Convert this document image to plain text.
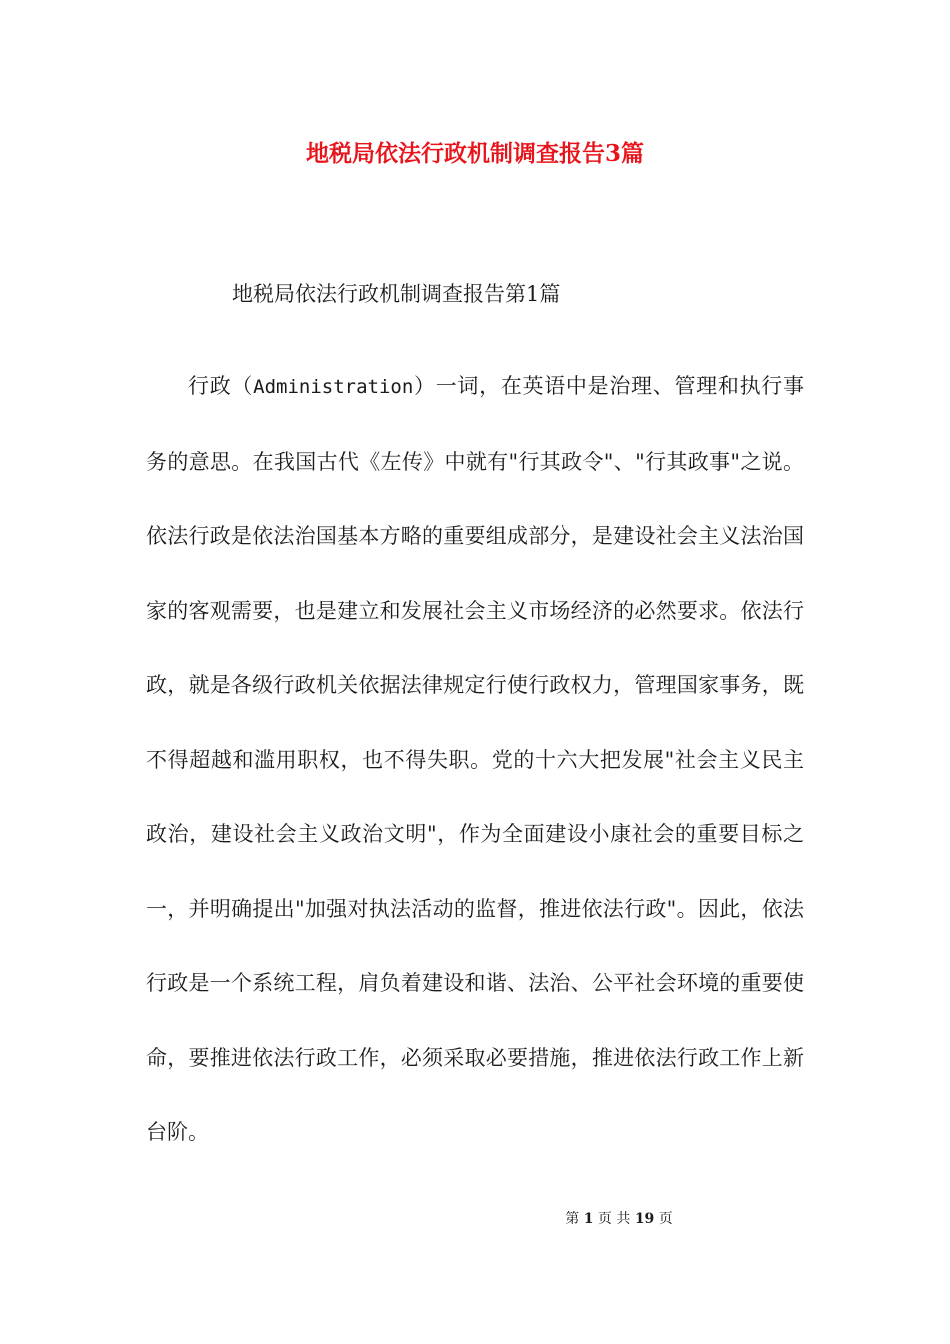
地税局依法行政机制调查报告3篇
地税局依法行政机制调查报告第1篇

行政（Administration）一词，在英语中是治理、管理和执行事务的意思。在我国古代《左传》中就有"行其政令"、"行其政事"之说。依法行政是依法治国基本方略的重要组成部分，是建设社会主义法治国家的客观需要，也是建立和发展社会主义市场经济的必然要求。依法行政，就是各级行政机关依据法律规定行使行政权力，管理国家事务，既不得超越和滥用职权，也不得失职。党的十六大把发展"社会主义民主政治，建设社会主义政治文明"，作为全面建设小康社会的重要目标之一，并明确提出"加强对执法活动的监督，推进依法行政"。因此，依法行政是一个系统工程，肩负着建设和谐、法治、公平社会环境的重要使命，要推进依法行政工作，必须采取必要措施，推进依法行政工作上新台阶。

第 1 页 共 19 页
